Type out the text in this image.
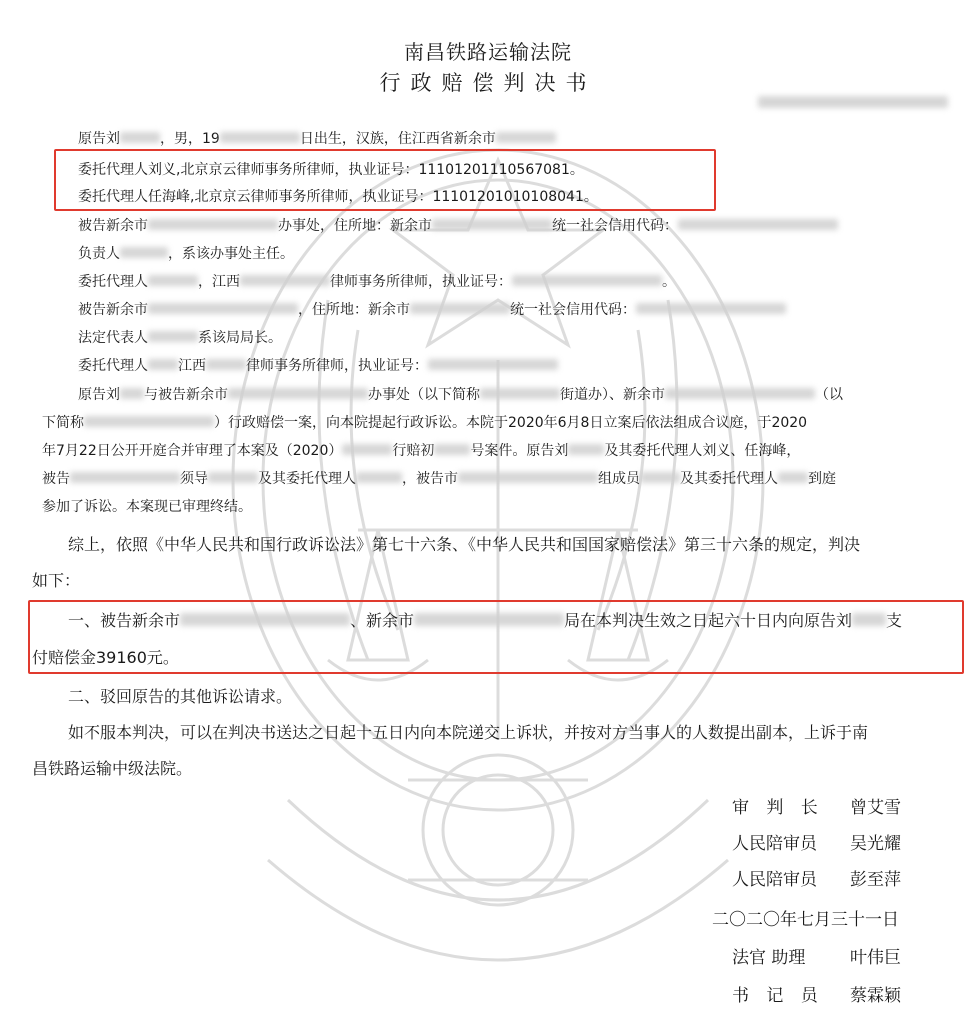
南昌铁路运输法院
行政赔偿判决书
原告刘	，男，19	日出生，汉族，住江西省新余市
委托代理人刘义,北京京云律师事务所律师，执业证号：11101201110567081。
委托代理人任海峰,北京京云律师事务所律师，执业证号：11101201010108041。
被告新余市	办事处，住所地：新余市	统一社会信用代码：
负责人	，系该办事处主任。
委托代理人	，江西	律师事务所律师，执业证号：	。
被告新余市	，住所地：新余市	统一社会信用代码：
法定代表人	系该局局长。
委托代理人 江西	律师事务所律师，执业证号：
原告刘 与被告新余市	办事处（以下简称	街道办）、新余市	（以
下简称	）行政赔偿一案，向本院提起行政诉讼。本院于2020年6月8日立案后依法组成合议庭，于2020
年7月22日公开开庭合并审理了本案及（2020）	行赔初	号案件。原告刘	及其委托代理人刘义、任海峰，
被告	须导	及其委托代理人	，被告市	组成员	及其委托代理人 到庭
参加了诉讼。本案现已审理终结。
综上，依照《中华人民共和国行政诉讼法》第七十六条、《中华人民共和国国家赔偿法》第三十六条的规定，判决
如下：
一、被告新余市	、新余市	局在本判决生效之日起六十日内向原告刘 支
付赔偿金39160元。
二、驳回原告的其他诉讼请求。
如不服本判决，可以在判决书送达之日起十五日内向本院递交上诉状，并按对方当事人的人数提出副本，上诉于南
昌铁路运输中级法院。
审 判 长 曾艾雪
人民陪审员 吴光耀
人民陪审员 彭至萍
二〇二〇年七月三十一日
法官 助理	叶伟巨
书 记 员 蔡霖颖
